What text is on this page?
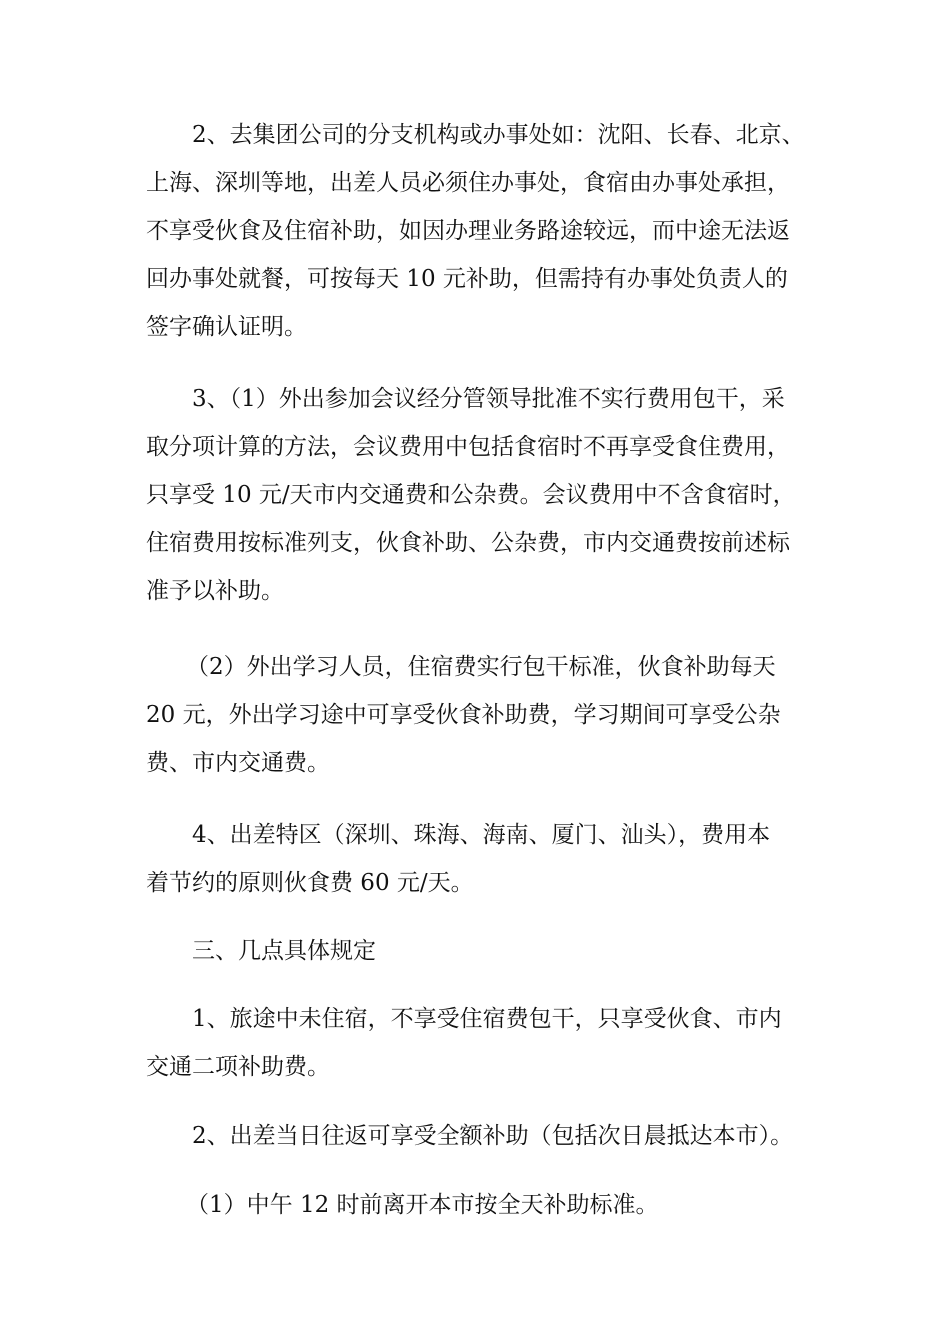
2、去集团公司的分支机构或办事处如：沈阳、长春、北京、
上海、深圳等地，出差人员必须住办事处，食宿由办事处承担，
不享受伙食及住宿补助，如因办理业务路途较远，而中途无法返
回办事处就餐，可按每天 10 元补助，但需持有办事处负责人的
签字确认证明。

3、（1）外出参加会议经分管领导批准不实行费用包干，采
取分项计算的方法，会议费用中包括食宿时不再享受食住费用，
只享受 10 元/天市内交通费和公杂费。会议费用中不含食宿时，
住宿费用按标准列支，伙食补助、公杂费，市内交通费按前述标
准予以补助。

（2）外出学习人员，住宿费实行包干标准，伙食补助每天
20 元，外出学习途中可享受伙食补助费，学习期间可享受公杂
费、市内交通费。

4、出差特区（深圳、珠海、海南、厦门、汕头），费用本
着节约的原则伙食费 60 元/天。

三、几点具体规定

1、旅途中未住宿，不享受住宿费包干，只享受伙食、市内
交通二项补助费。

2、出差当日往返可享受全额补助（包括次日晨抵达本市）。

（1）中午 12 时前离开本市按全天补助标准。
